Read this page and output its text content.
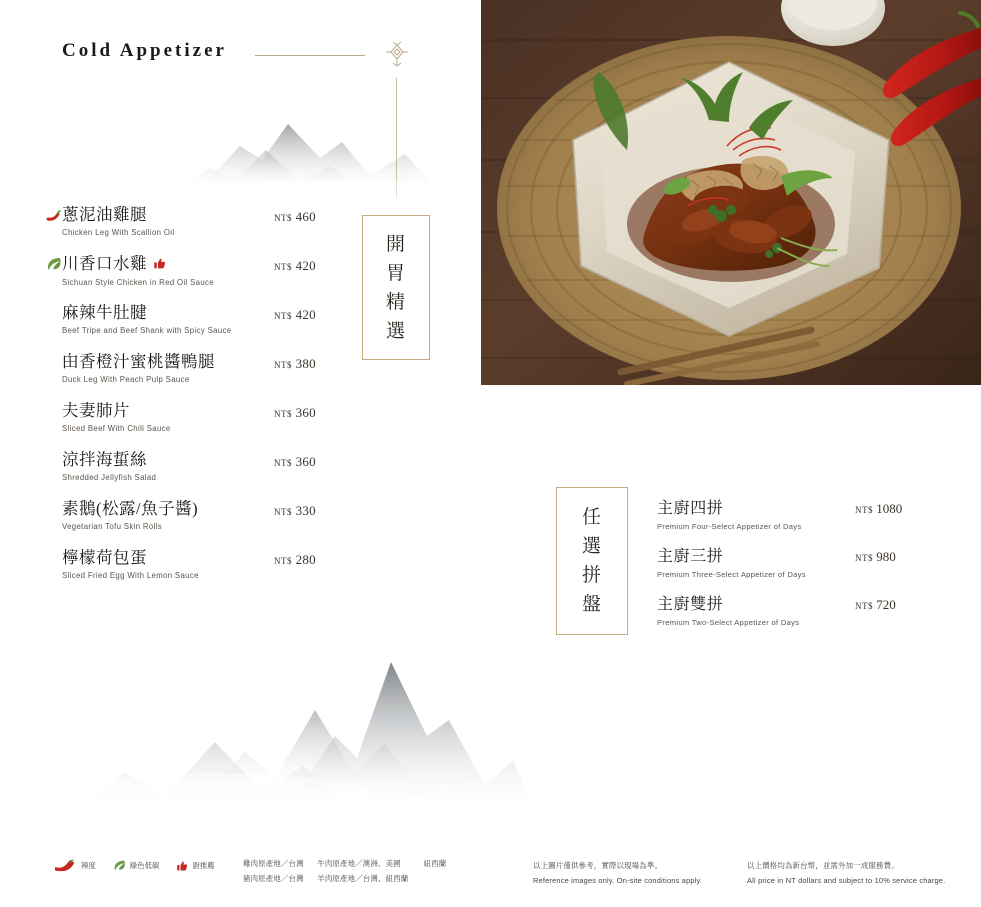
Cold Appetizer
蔥泥油雞腿
Chicken Leg With Scallion Oil
NT$ 460
川香口水雞
Sichuan Style Chicken in Red Oil Sauce
NT$ 420
麻辣牛肚腱
Beef Tripe and Beef Shank with Spicy Sauce
NT$ 420
甶香橙汁蜜桃醬鴨腿
Duck Leg With Peach Pulp Sauce
NT$ 380
夫妻肺片
Sliced Beef With Chili Sauce
NT$ 360
涼拌海蜇絲
Shredded Jellyfish Salad
NT$ 360
素鵝(松露/魚子醬)
Vegetarian Tofu Skin Rolls
NT$ 330
檸檬荷包蛋
Sliced Fried Egg With Lemon Sauce
NT$ 280
開
胃
精
選
任
選
拼
盤
主廚四拼
Premium Four-Select Appetizer of Days
NT$ 1080
主廚三拼
Premium Three-Select Appetizer of Days
NT$ 980
主廚雙拼
Premium Two-Select Appetizer of Days
NT$ 720
辣度	綠色低碳	廚推薦	雞肉原產地／台灣 牛肉原產地／澳洲、美國	紐西蘭
豬肉原產地／台灣 羊肉原產地／台灣、紐西蘭
以上圖片僅供參考，實際以現場為準。
Reference images only. On-site conditions apply.
以上價格均為新台幣，並需外加一成服務費。
All price in NT dollars and subject to 10% service charge.
